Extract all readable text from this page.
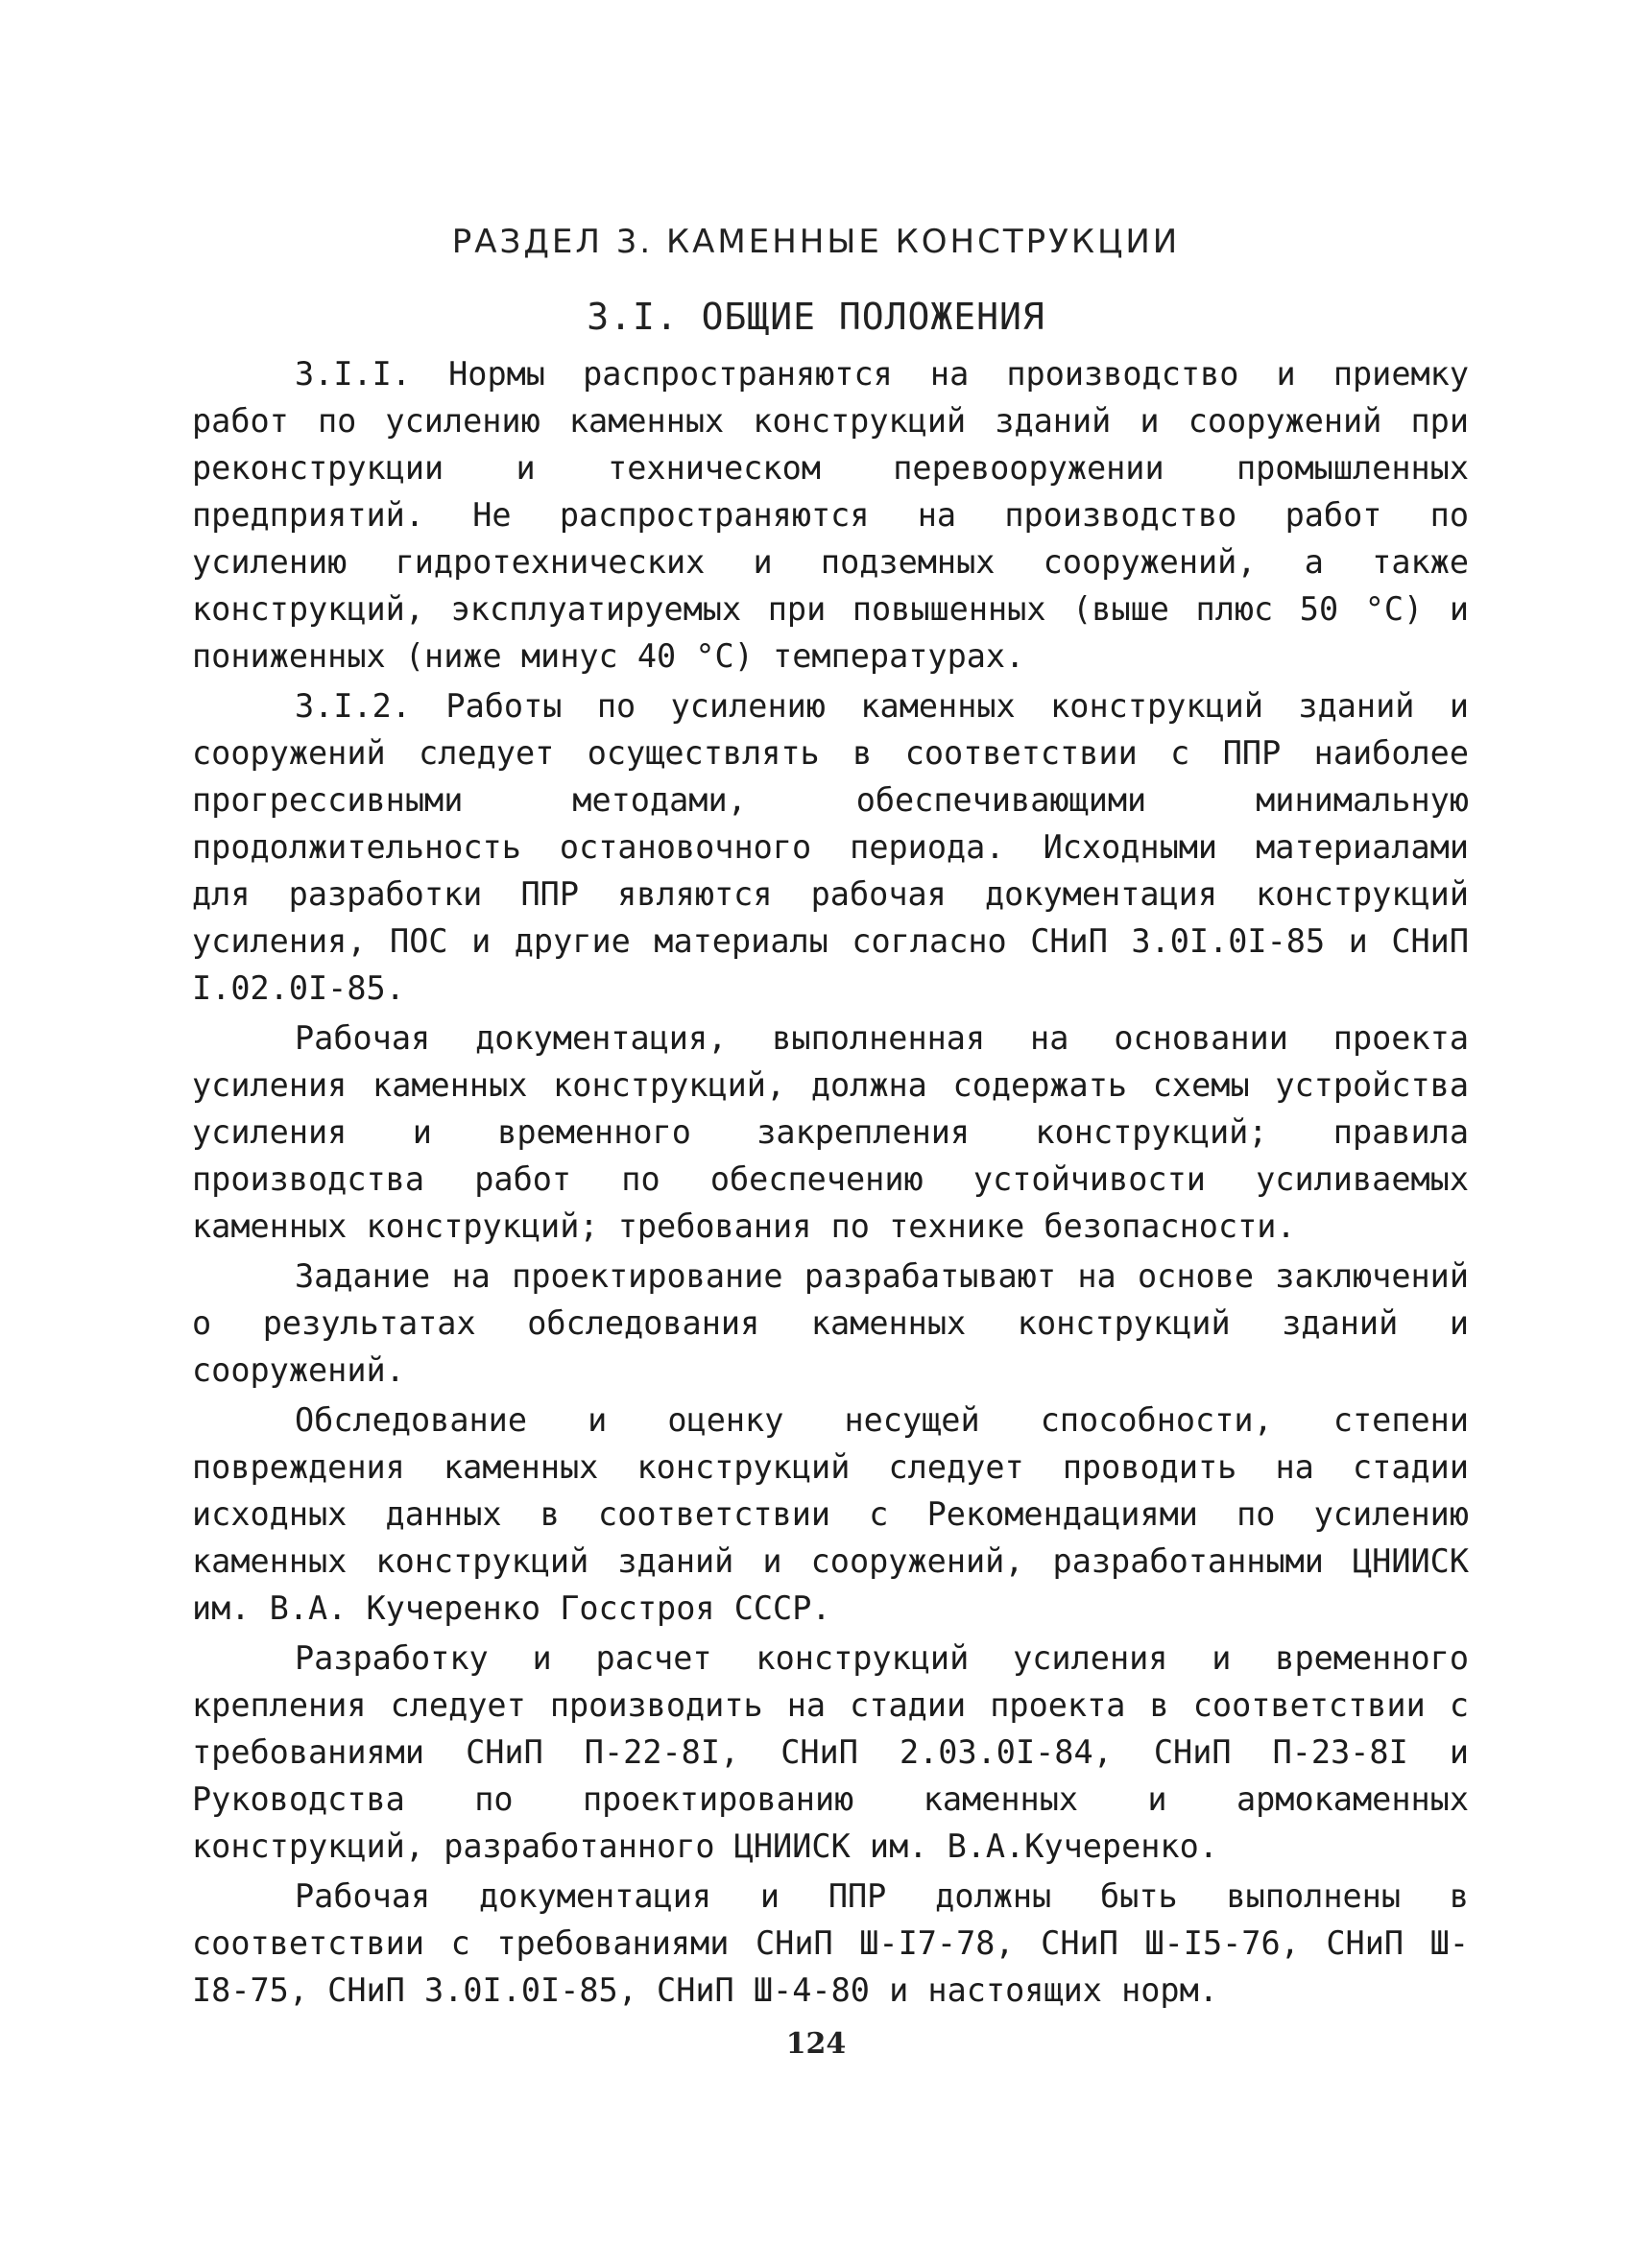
РАЗДЕЛ 3. КАМЕННЫЕ КОНСТРУКЦИИ
3.I. ОБЩИЕ ПОЛОЖЕНИЯ

3.I.I. Нормы распространяются на производство и приемку работ по усилению каменных конструкций зданий и сооружений при реконструкции и техническом перевооружении промышленных предприятий. Не распространяются на производство работ по усилению гидротехнических и подземных сооружений, а также конструкций, эксплуатируемых при повышенных (выше плюс 50 °С) и пониженных (ниже минус 40 °С) температурах.

3.I.2. Работы по усилению каменных конструкций зданий и сооружений следует осуществлять в соответствии с ППР наиболее прогрессивными методами, обеспечивающими минимальную продолжительность остановочного периода. Исходными материалами для разработки ППР являются рабочая документация конструкций усиления, ПОС и другие материалы согласно СНиП 3.0I.0I-85 и СНиП I.02.0I-85.

Рабочая документация, выполненная на основании проекта усиления каменных конструкций, должна содержать схемы устройства усиления и временного закрепления конструкций; правила производства работ по обеспечению устойчивости усиливаемых каменных конструкций; требования по технике безопасности.

Задание на проектирование разрабатывают на основе заключений о результатах обследования каменных конструкций зданий и сооружений.

Обследование и оценку несущей способности, степени повреждения каменных конструкций следует проводить на стадии исходных данных в соответствии с Рекомендациями по усилению каменных конструкций зданий и сооружений, разработанными ЦНИИСК им. В.А. Кучеренко Госстроя СССР.

Разработку и расчет конструкций усиления и временного крепления следует производить на стадии проекта в соответствии с требованиями СНиП П-22-8I, СНиП 2.03.0I-84, СНиП П-23-8I и Руководства по проектированию каменных и армокаменных конструкций, разработанного ЦНИИСК им. В.А.Кучеренко.

Рабочая документация и ППР должны быть выполнены в соответствии с требованиями СНиП Ш-I7-78, СНиП Ш-I5-76, СНиП Ш-I8-75, СНиП 3.0I.0I-85, СНиП Ш-4-80 и настоящих норм.

124
